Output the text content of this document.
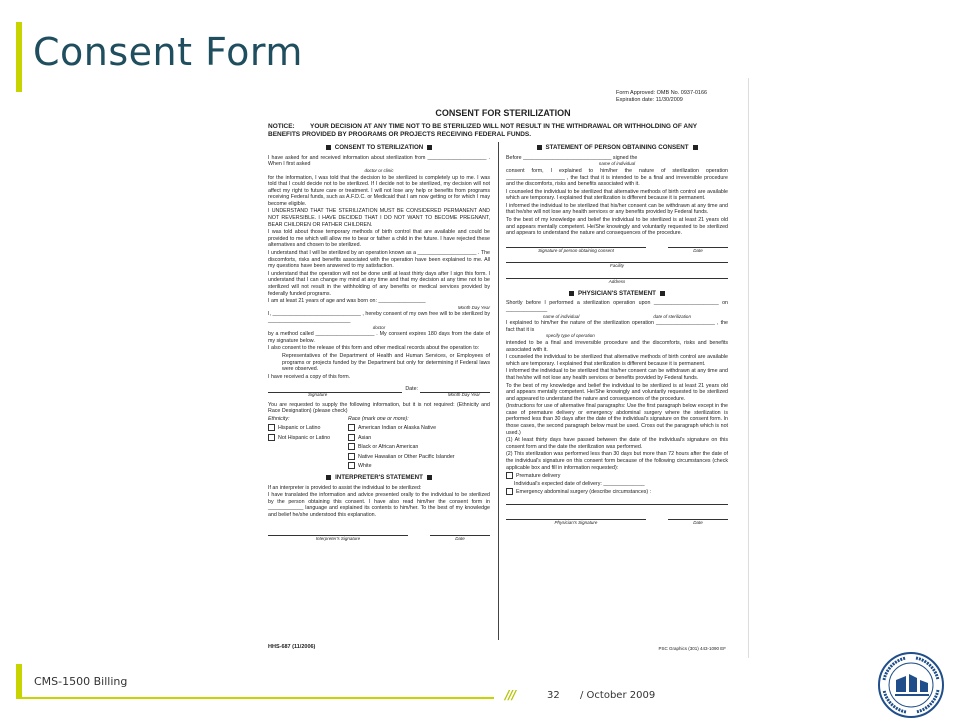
Consent Form
Form Approved: OMB No. 0937-0166
Expiration date: 11/30/2009
CONSENT FOR STERILIZATION
NOTICE: YOUR DECISION AT ANY TIME NOT TO BE STERILIZED WILL NOT RESULT IN THE WITHDRAWAL OR WITHHOLDING OF ANY BENEFITS PROVIDED BY PROGRAMS OR PROJECTS RECEIVING FEDERAL FUNDS.
CONSENT TO STERILIZATION
I have asked for and received information about sterilization from ____________________ . When I first asked
doctor or clinic
for the information, I was told that the decision to be sterilized is completely up to me. I was told that I could decide not to be sterilized. If I decide not to be sterilized, my decision will not affect my right to future care or treatment. I will not lose any help or benefits from programs receiving Federal funds, such as A.F.D.C. or Medicaid that I am now getting or for which I may become eligible.
I UNDERSTAND THAT THE STERILIZATION MUST BE CONSIDERED PERMANENT AND NOT REVERSIBLE. I HAVE DECIDED THAT I DO NOT WANT TO BECOME PREGNANT, BEAR CHILDREN OR FATHER CHILDREN.
I was told about those temporary methods of birth control that are available and could be provided to me which will allow me to bear or father a child in the future. I have rejected these alternatives and chosen to be sterilized.
I understand that I will be sterilized by an operation known as a ____________________ . The discomforts, risks and benefits associated with the operation have been explained to me. All my questions have been answered to my satisfaction.
I understand that the operation will not be done until at least thirty days after I sign this form. I understand that I can change my mind at any time and that my decision at any time not to be sterilized will not result in the withholding of any benefits or medical services provided by federally funded programs.
I am at least 21 years of age and was born on: ________________
Month Day Year
I, ______________________________ , hereby consent of my own free will to be sterilized by ____________________________
doctor
by a method called ____________________ . My consent expires 180 days from the date of my signature below.
I also consent to the release of this form and other medical records about the operation to:
Representatives of the Department of Health and Human Services, or Employees of programs or projects funded by the Department but only for determining if Federal laws were observed.
I have received a copy of this form.
Date:
Signature	Month Day Year
You are requested to supply the following information, but it is not required: (Ethnicity and Race Designation) (please check)
Ethnicity:
Hispanic or Latino
Not Hispanic or Latino
Race (mark one or more):
American Indian or Alaska Native
Asian
Black or African American
Native Hawaiian or Other Pacific Islander
White
INTERPRETER'S STATEMENT
If an interpreter is provided to assist the individual to be sterilized:
I have translated the information and advice presented orally to the individual to be sterilized by the person obtaining this consent. I have also read him/her the consent form in ____________ language and explained its contents to him/her. To the best of my knowledge and belief he/she understood this explanation.
Interpreter's Signature	Date
STATEMENT OF PERSON OBTAINING CONSENT
Before ______________________________ signed the
name of individual
consent form, I explained to him/her the nature of sterilization operation ____________________ , the fact that it is intended to be a final and irreversible procedure and the discomforts, risks and benefits associated with it.
I counseled the individual to be sterilized that alternative methods of birth control are available which are temporary. I explained that sterilization is different because it is permanent.
I informed the individual to be sterilized that his/her consent can be withdrawn at any time and that he/she will not lose any health services or any benefits provided by Federal funds.
To the best of my knowledge and belief the individual to be sterilized is at least 21 years old and appears mentally competent. He/She knowingly and voluntarily requested to be sterilized and appears to understand the nature and consequences of the procedure.
Signature of person obtaining consent	Date
Facility
Address
PHYSICIAN'S STATEMENT
Shortly before I performed a sterilization operation upon ______________________ on ______________
name of individual	date of sterilization
I explained to him/her the nature of the sterilization operation ____________________ , the fact that it is
specify type of operation
intended to be a final and irreversible procedure and the discomforts, risks and benefits associated with it.
I counseled the individual to be sterilized that alternative methods of birth control are available which are temporary. I explained that sterilization is different because it is permanent.
I informed the individual to be sterilized that his/her consent can be withdrawn at any time and that he/she will not lose any health services or benefits provided by Federal funds.
To the best of my knowledge and belief the individual to be sterilized is at least 21 years old and appears mentally competent. He/She knowingly and voluntarily requested to be sterilized and appeared to understand the nature and consequences of the procedure.
(Instructions for use of alternative final paragraphs: Use the first paragraph below except in the case of premature delivery or emergency abdominal surgery where the sterilization is performed less than 30 days after the date of the individual's signature on the consent form. In those cases, the second paragraph below must be used. Cross out the paragraph which is not used.)
(1) At least thirty days have passed between the date of the individual's signature on this consent form and the date the sterilization was performed.
(2) This sterilization was performed less than 30 days but more than 72 hours after the date of the individual's signature on this consent form because of the following circumstances (check applicable box and fill in information requested):
Premature delivery
Individual's expected date of delivery: ______________
Emergency abdominal surgery (describe circumstances) :
Physician's Signature	Date
HHS-687 (11/2006)	PSC Graphics (301) 443-1090 EF
CMS-1500 Billing
///	32 / October 2009
